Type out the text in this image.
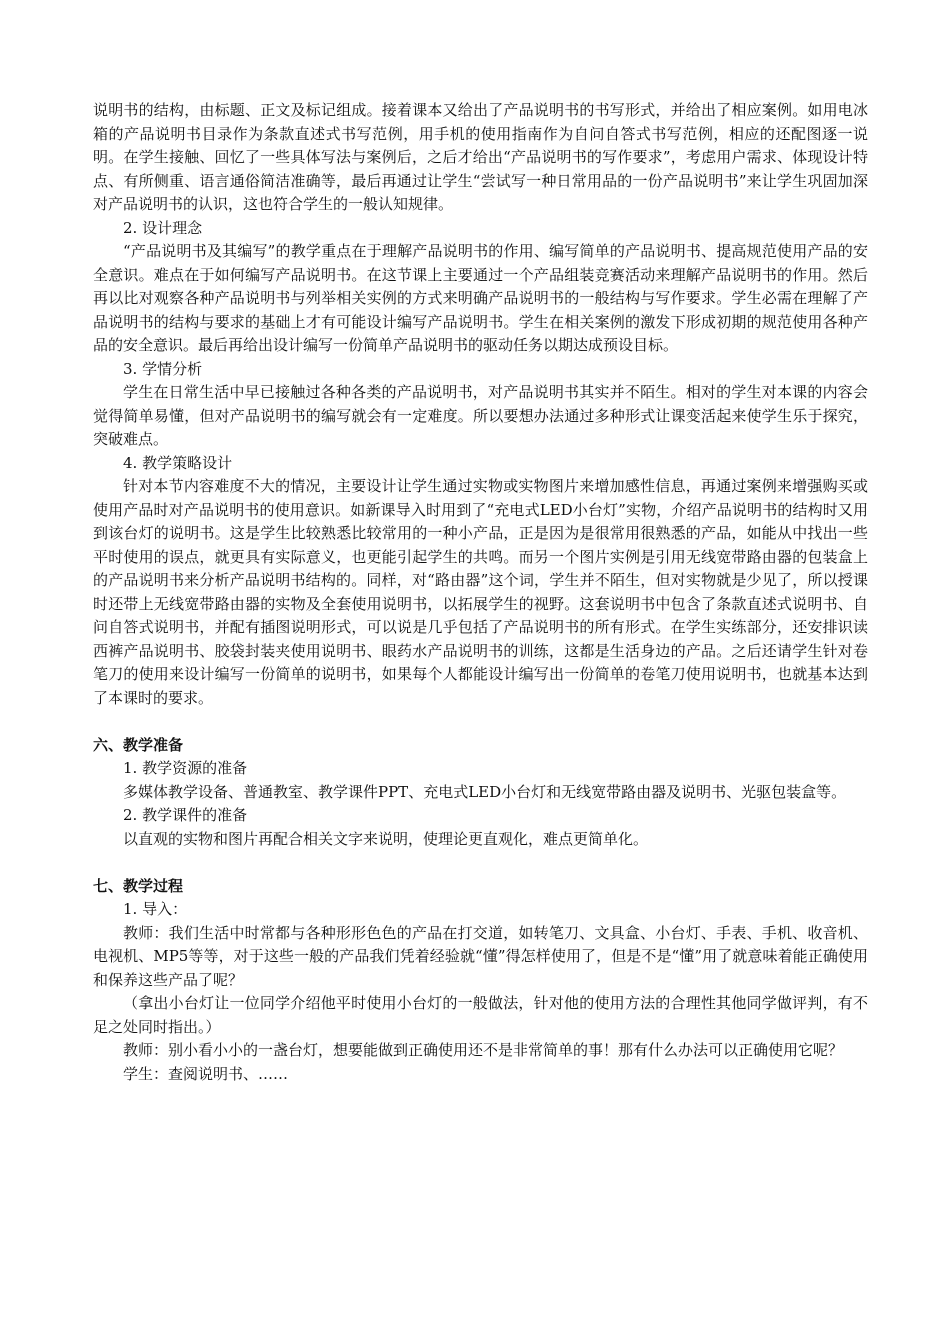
说明书的结构，由标题、正文及标记组成。接着课本又给出了产品说明书的书写形式，并给出了相应案例。如用电冰箱的产品说明书目录作为条款直述式书写范例，用手机的使用指南作为自问自答式书写范例，相应的还配图逐一说明。在学生接触、回忆了一些具体写法与案例后，之后才给出“产品说明书的写作要求”，考虑用户需求、体现设计特点、有所侧重、语言通俗简洁准确等，最后再通过让学生“尝试写一种日常用品的一份产品说明书”来让学生巩固加深对产品说明书的认识，这也符合学生的一般认知规律。

2. 设计理念

“产品说明书及其编写”的教学重点在于理解产品说明书的作用、编写简单的产品说明书、提高规范使用产品的安全意识。难点在于如何编写产品说明书。在这节课上主要通过一个产品组装竞赛活动来理解产品说明书的作用。然后再以比对观察各种产品说明书与列举相关实例的方式来明确产品说明书的一般结构与写作要求。学生必需在理解了产品说明书的结构与要求的基础上才有可能设计编写产品说明书。学生在相关案例的激发下形成初期的规范使用各种产品的安全意识。最后再给出设计编写一份简单产品说明书的驱动任务以期达成预设目标。

3. 学情分析

学生在日常生活中早已接触过各种各类的产品说明书，对产品说明书其实并不陌生。相对的学生对本课的内容会觉得简单易懂，但对产品说明书的编写就会有一定难度。所以要想办法通过多种形式让课变活起来使学生乐于探究，突破难点。

4. 教学策略设计

针对本节内容难度不大的情况，主要设计让学生通过实物或实物图片来增加感性信息，再通过案例来增强购买或使用产品时对产品说明书的使用意识。如新课导入时用到了“充电式LED小台灯”实物，介绍产品说明书的结构时又用到该台灯的说明书。这是学生比较熟悉比较常用的一种小产品，正是因为是很常用很熟悉的产品，如能从中找出一些平时使用的误点，就更具有实际意义，也更能引起学生的共鸣。而另一个图片实例是引用无线宽带路由器的包装盒上的产品说明书来分析产品说明书结构的。同样，对“路由器”这个词，学生并不陌生，但对实物就是少见了，所以授课时还带上无线宽带路由器的实物及全套使用说明书，以拓展学生的视野。这套说明书中包含了条款直述式说明书、自问自答式说明书，并配有插图说明形式，可以说是几乎包括了产品说明书的所有形式。在学生实练部分，还安排识读西裤产品说明书、胶袋封装夹使用说明书、眼药水产品说明书的训练，这都是生活身边的产品。之后还请学生针对卷笔刀的使用来设计编写一份简单的说明书，如果每个人都能设计编写出一份简单的卷笔刀使用说明书，也就基本达到了本课时的要求。

六、教学准备

1. 教学资源的准备

多媒体教学设备、普通教室、教学课件PPT、充电式LED小台灯和无线宽带路由器及说明书、光驱包装盒等。

2. 教学课件的准备

以直观的实物和图片再配合相关文字来说明，使理论更直观化，难点更简单化。

七、教学过程

1. 导入：

教师：我们生活中时常都与各种形形色色的产品在打交道，如转笔刀、文具盒、小台灯、手表、手机、收音机、电视机、MP5等等，对于这些一般的产品我们凭着经验就“懂”得怎样使用了，但是不是“懂”用了就意味着能正确使用和保养这些产品了呢？

（拿出小台灯让一位同学介绍他平时使用小台灯的一般做法，针对他的使用方法的合理性其他同学做评判，有不足之处同时指出。）

教师：别小看小小的一盏台灯，想要能做到正确使用还不是非常简单的事！那有什么办法可以正确使用它呢？

学生：查阅说明书、……
